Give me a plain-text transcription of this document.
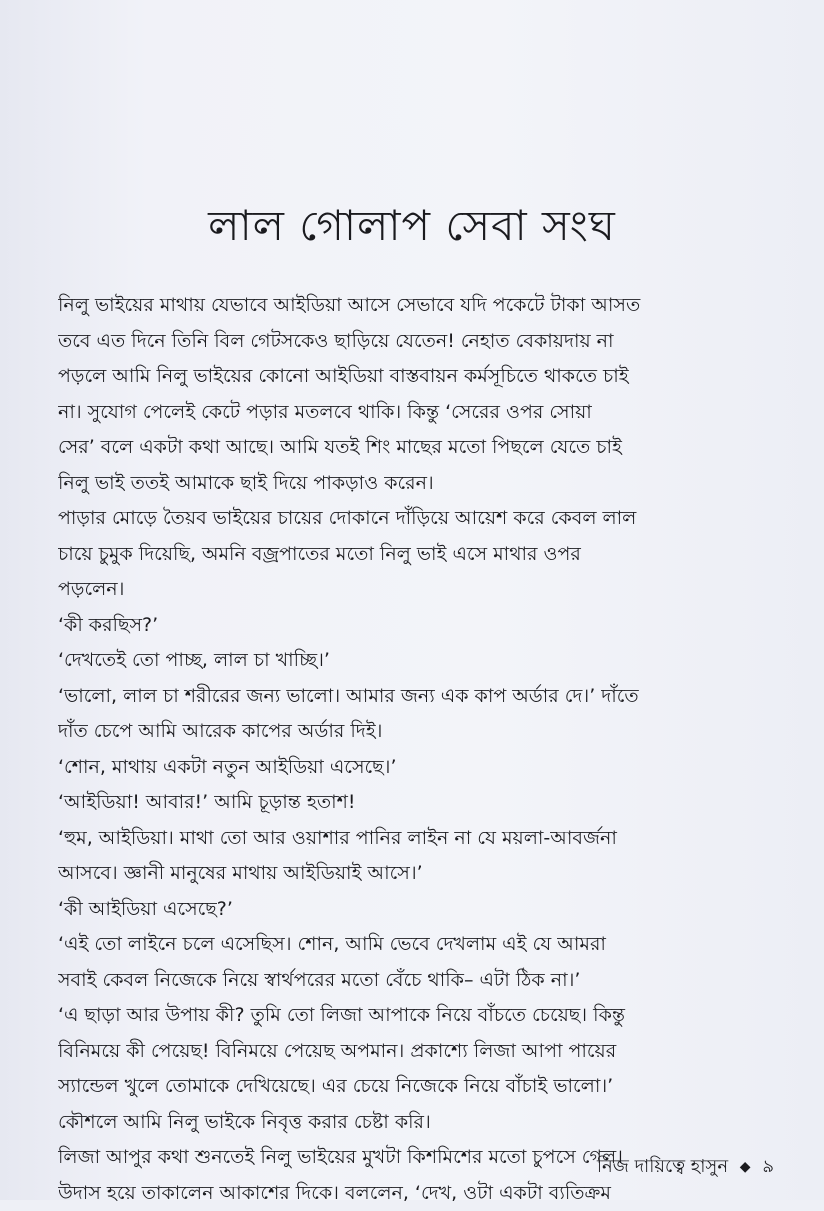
লাল গোলাপ সেবা সংঘ
নিলু ভাইয়ের মাথায় যেভাবে আইডিয়া আসে সেভাবে যদি পকেটে টাকা আসত
তবে এত দিনে তিনি বিল গেটসকেও ছাড়িয়ে যেতেন! নেহাত বেকায়দায় না
পড়লে আমি নিলু ভাইয়ের কোনো আইডিয়া বাস্তবায়ন কর্মসূচিতে থাকতে চাই
না। সুযোগ পেলেই কেটে পড়ার মতলবে থাকি। কিন্তু ‘সেরের ওপর সোয়া
সের’ বলে একটা কথা আছে। আমি যতই শিং মাছের মতো পিছলে যেতে চাই
নিলু ভাই ততই আমাকে ছাই দিয়ে পাকড়াও করেন।
পাড়ার মোড়ে তৈয়ব ভাইয়ের চায়ের দোকানে দাঁড়িয়ে আয়েশ করে কেবল লাল
চায়ে চুমুক দিয়েছি, অমনি বজ্রপাতের মতো নিলু ভাই এসে মাথার ওপর
পড়লেন।
‘কী করছিস?’
‘দেখতেই তো পাচ্ছ, লাল চা খাচ্ছি।’
‘ভালো, লাল চা শরীরের জন্য ভালো। আমার জন্য এক কাপ অর্ডার দে।’ দাঁতে
দাঁত চেপে আমি আরেক কাপের অর্ডার দিই।
‘শোন, মাথায় একটা নতুন আইডিয়া এসেছে।’
‘আইডিয়া! আবার!’ আমি চূড়ান্ত হতাশ!
‘হুম, আইডিয়া। মাথা তো আর ওয়াশার পানির লাইন না যে ময়লা-আবর্জনা
আসবে। জ্ঞানী মানুষের মাথায় আইডিয়াই আসে।’
‘কী আইডিয়া এসেছে?’
‘এই তো লাইনে চলে এসেছিস। শোন, আমি ভেবে দেখলাম এই যে আমরা
সবাই কেবল নিজেকে নিয়ে স্বার্থপরের মতো বেঁচে থাকি– এটা ঠিক না।’
‘এ ছাড়া আর উপায় কী? তুমি তো লিজা আপাকে নিয়ে বাঁচতে চেয়েছ। কিন্তু
বিনিময়ে কী পেয়েছ! বিনিময়ে পেয়েছ অপমান। প্রকাশ্যে লিজা আপা পায়ের
স্যান্ডেল খুলে তোমাকে দেখিয়েছে। এর চেয়ে নিজেকে নিয়ে বাঁচাই ভালো।’
কৌশলে আমি নিলু ভাইকে নিবৃত্ত করার চেষ্টা করি।
লিজা আপুর কথা শুনতেই নিলু ভাইয়ের মুখটা কিশমিশের মতো চুপসে গেল।
উদাস হয়ে তাকালেন আকাশের দিকে। বললেন, ‘দেখ, ওটা একটা ব্যতিক্রম
নিজ দায়িত্বে হাসুন ◆ ৯
